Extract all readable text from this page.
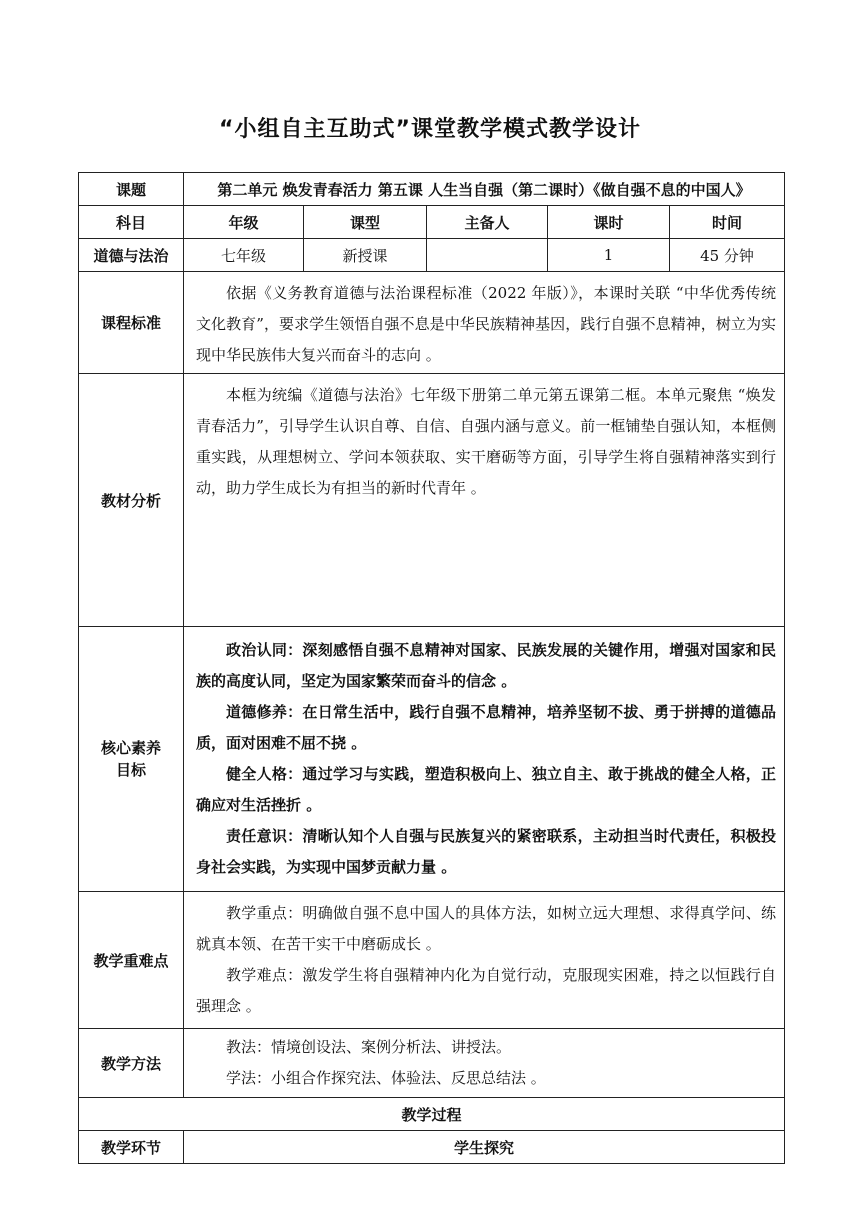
“小组自主互助式”课堂教学模式教学设计
课题	第二单元 焕发青春活力 第五课 人生当自强（第二课时）《做自强不息的中国人》				
科目	年级	课型	主备人	课时	时间
道德与法治	七年级	新授课		1	45 分钟
课程标准	依据《义务教育道德与法治课程标准（2022 年版）》，本课时关联 “中华优秀传统文化教育”，要求学生领悟自强不息是中华民族精神基因，践行自强不息精神，树立为实现中华民族伟大复兴而奋斗的志向 。				

教材分析	本框为统编《道德与法治》七年级下册第二单元第五课第二框。本单元聚焦 “焕发青春活力”，引导学生认识自尊、自信、自强内涵与意义。前一框铺垫自强认知，本框侧重实践，从理想树立、学问本领获取、实干磨砺等方面，引导学生将自强精神落实到行动，助力学生成长为有担当的新时代青年 。				

核心素养目标	政治认同：深刻感悟自强不息精神对国家、民族发展的关键作用，增强对国家和民族的高度认同，坚定为国家繁荣而奋斗的信念 。

道德修养：在日常生活中，践行自强不息精神，培养坚韧不拔、勇于拼搏的道德品质，面对困难不屈不挠 。

健全人格：通过学习与实践，塑造积极向上、独立自主、敢于挑战的健全人格，正确应对生活挫折 。

责任意识：清晰认知个人自强与民族复兴的紧密联系，主动担当时代责任，积极投身社会实践，为实现中国梦贡献力量 。				

教学重难点	教学重点：明确做自强不息中国人的具体方法，如树立远大理想、求得真学问、练就真本领、在苦干实干中磨砺成长 。

教学难点：激发学生将自强精神内化为自觉行动，克服现实困难，持之以恒践行自强理念 。				

教学方法	教法：情境创设法、案例分析法、讲授法。

学法：小组合作探究法、体验法、反思总结法 。				

教学过程					
教学环节	学生探究				
